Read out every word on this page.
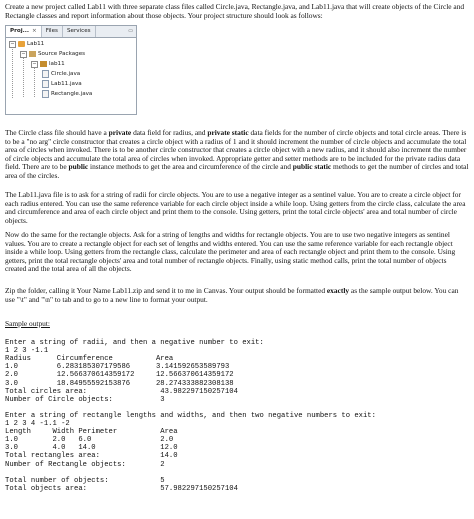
Create a new project called Lab11 with three separate class files called Circle.java, Rectangle.java, and Lab11.java that will create objects of the Circle and Rectangle classes and report information about those objects. Your project structure should look as follows:

Proj... × Files Services	▭
− Lab11
− Source Packages
− lab11
Circle.java
Lab11.java
Rectangle.java

The Circle class file should have a private data field for radius, and private static data fields for the number of circle objects and total circle areas. There is to be a "no arg" circle constructor that creates a circle object with a radius of 1 and it should increment the number of circle objects and accumulate the total area of circles when invoked. There is to be another circle constructor that creates a circle object with a new radius, and it should also increment the number of circle objects and accumulate the total area of circles when invoked. Appropriate getter and setter methods are to be included for the private radius data field. There are to be public instance methods to get the area and circumference of the circle and public static methods to get the number of circles and total area of the circles.

The Lab11.java file is to ask for a string of radii for circle objects. You are to use a negative integer as a sentinel value. You are to create a circle object for each radius entered. You can use the same reference variable for each circle object inside a while loop. Using getters from the circle class, calculate the area and circumference and area of each circle object and print them to the console. Using getters, print the total circle objects' area and total number of circle objects.

Now do the same for the rectangle objects. Ask for a string of lengths and widths for rectangle objects. You are to use two negative integers as sentinel values. You are to create a rectangle object for each set of lengths and widths entered. You can use the same reference variable for each rectangle object inside a while loop. Using getters from the rectangle class, calculate the perimeter and area of each rectangle object and print them to the console. Using getters, print the total rectangle objects' area and total number of rectangle objects. Finally, using static method calls, print the total number of objects created and the total area of all the objects.

Zip the folder, calling it Your Name Lab11.zip and send it to me in Canvas. Your output should be formatted exactly as the sample output below. You can use "\t" and "\n" to tab and to go to a new line to format your output.

Sample output:

Enter a string of radii, and then a negative number to exit:
1 2 3 -1.1
Radius      Circumference          Area
1.0         6.283185307179586      3.141592653589793
2.0         12.566370614359172     12.566370614359172
3.0         18.84955592153876      28.274333882308138
Total circles area:                 43.982297150257104
Number of Circle objects:           3

Enter a string of rectangle lengths and widths, and then two negative numbers to exit:
1 2 3 4 -1.1 -2
Length     Width Perimeter          Area
1.0        2.0   6.0                2.0
3.0        4.0   14.0               12.0
Total rectangles area:              14.0
Number of Rectangle objects:        2

Total number of objects:            5
Total objects area:                 57.982297150257104
